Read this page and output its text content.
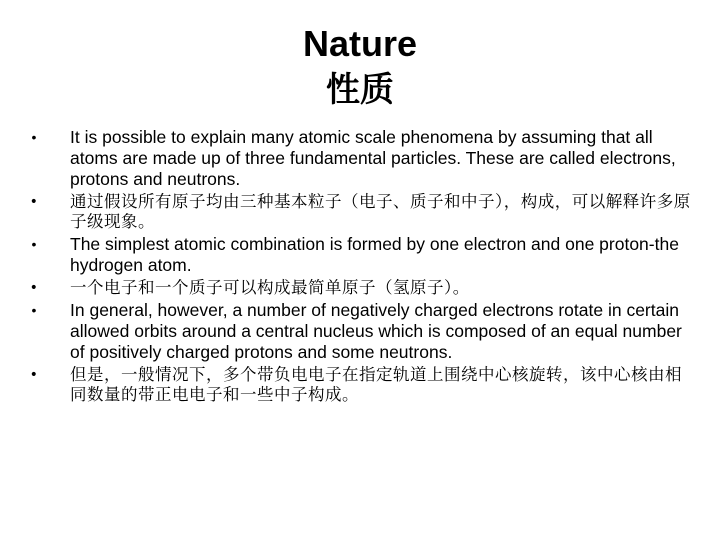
Nature
性质
• It is possible to explain many atomic scale phenomena by assuming that all atoms are made up of three fundamental particles. These are called electrons, protons and neutrons.
• 通过假设所有原子均由三种基本粒子（电子、质子和中子），构成，可以解释许多原子级现象。
• The simplest atomic combination is formed by one electron and one proton‐the hydrogen atom.
• 一个电子和一个质子可以构成最简单原子（氢原子）。
• In general, however, a number of negatively charged electrons rotate in certain allowed orbits around a central nucleus which is composed of an equal number of positively charged protons and some neutrons.
• 但是，一般情况下，多个带负电电子在指定轨道上围绕中心核旋转，该中心核由相同数量的带正电电子和一些中子构成。
